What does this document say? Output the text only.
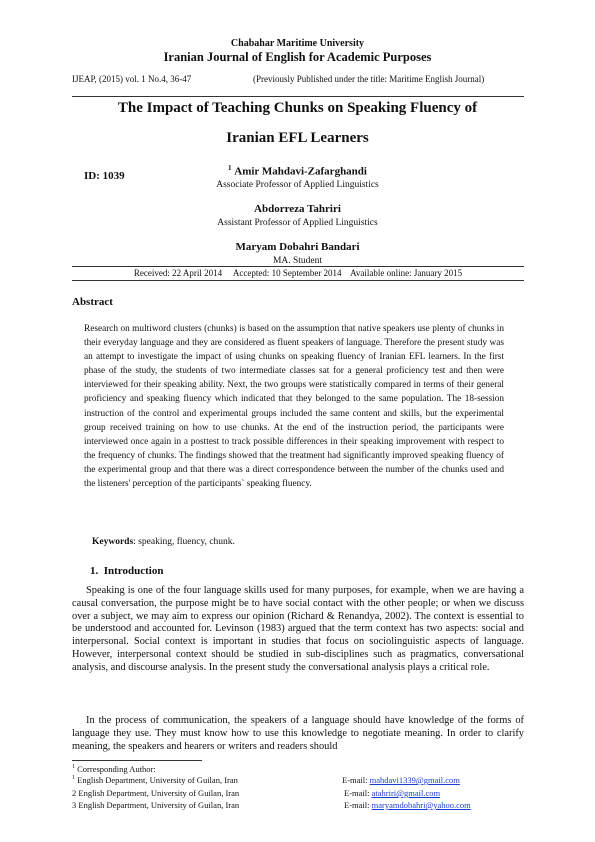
Chabahar Maritime University
Iranian Journal of English for Academic Purposes
IJEAP, (2015) vol. 1 No.4, 36-47	(Previously Published under the title: Maritime English Journal)
The Impact of Teaching Chunks on Speaking Fluency of
Iranian EFL Learners
ID: 1039
$^1$ Amir Mahdavi-Zafarghandi
Associate Professor of Applied Linguistics
Abdorreza Tahriri
Assistant Professor of Applied Linguistics
Maryam Dobahri Bandari
MA. Student
Received: 22 April 2014 Accepted: 10 September 2014 Available online: January 2015
Abstract
Research on multiword clusters (chunks) is based on the assumption that native speakers use plenty of chunks in their everyday language and they are considered as fluent speakers of language. Therefore the present study was an attempt to investigate the impact of using chunks on speaking fluency of Iranian EFL learners. In the first phase of the study, the students of two intermediate classes sat for a general proficiency test and then were interviewed for their speaking ability. Next, the two groups were statistically compared in terms of their general proficiency and speaking fluency which indicated that they belonged to the same population. The 18-session instruction of the control and experimental groups included the same content and skills, but the experimental group received training on how to use chunks. At the end of the instruction period, the participants were interviewed once again in a posttest to track possible differences in their speaking improvement with respect to the frequency of chunks. The findings showed that the treatment had significantly improved speaking fluency of the experimental group and that there was a direct correspondence between the number of the chunks used and the listeners' perception of the participants` speaking fluency.
Keywords: speaking, fluency, chunk.
1. Introduction
Speaking is one of the four language skills used for many purposes, for example, when we are having a causal conversation, the purpose might be to have social contact with the other people; or when we discuss over a subject, we may aim to express our opinion (Richard & Renandya, 2002). The context is essential to be understood and accounted for. Levinson (1983) argued that the term context has two aspects: social and interpersonal. Social context is important in studies that focus on sociolinguistic aspects of language. However, interpersonal context should be studied in sub-disciplines such as pragmatics, conversational analysis, and discourse analysis. In the present study the conversational analysis plays a critical role.
In the process of communication, the speakers of a language should have knowledge of the forms of language they use. They must know how to use this knowledge to negotiate meaning. In order to clarify meaning, the speakers and hearers or writers and readers should
$^1$ Corresponding Author:
$^1$ English Department, University of Guilan, Iran	E-mail: mahdavi1339@gmail.com
2 English Department, University of Guilan, Iran	E-mail: atahriri@gmail.com
3 English Department, University of Guilan, Iran	E-mail: maryamdobahri@yahoo.com
